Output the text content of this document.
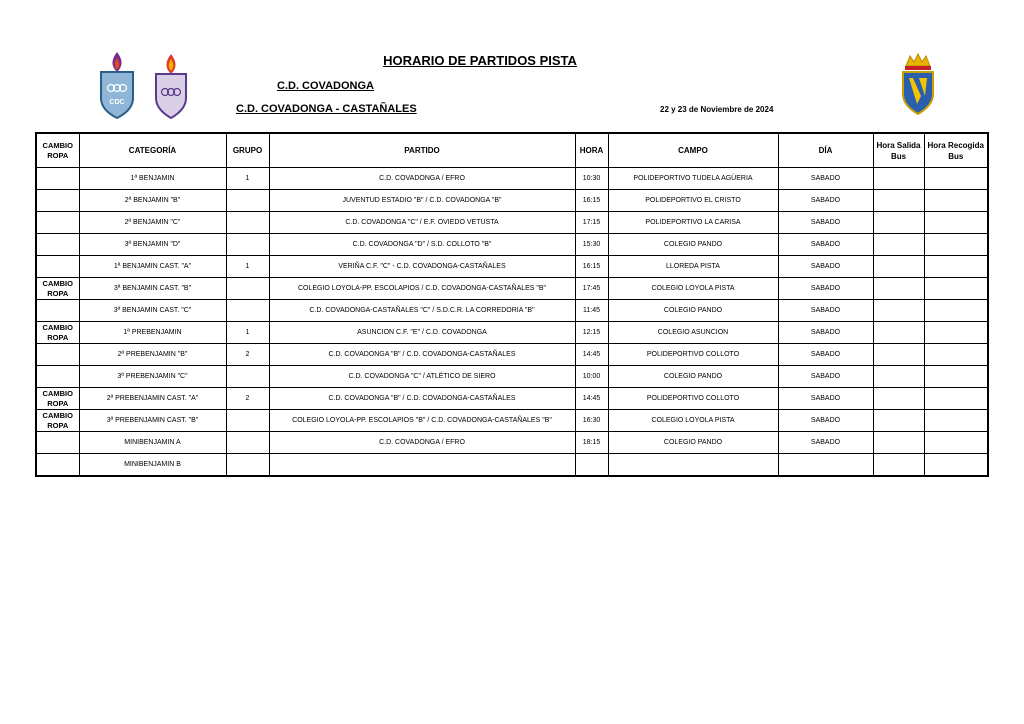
CDC
HORARIO DE PARTIDOS PISTA
C.D. COVADONGA
C.D. COVADONGA - CASTAÑALES	22 y 23 de Noviembre de 2024
CAMBIO ROPA	CATEGORÍA	GRUPO	PARTIDO	HORA	CAMPO	DÍA	Hora Salida Bus	Hora Recogida Bus
	1ª BENJAMIN	1	C.D. COVADONGA / EFRO	10:30	POLIDEPORTIVO TUDELA AGÜERIA	SABADO		
	2ª BENJAMIN "B"		JUVENTUD ESTADIO "B" / C.D. COVADONGA "B"	16:15	POLIDEPORTIVO EL CRISTO	SABADO		
	2ª BENJAMIN "C"		C.D. COVADONGA "C" / E.F. OVIEDO VETUSTA	17:15	POLIDEPORTIVO LA CARISA	SABADO		
	3ª BENJAMIN "D"		C.D. COVADONGA "D" / S.D. COLLOTO "B"	15:30	COLEGIO PANDO	SABADO		
	1ª BENJAMIN CAST. "A"	1	VERIÑA C.F. "C" - C.D. COVADONGA-CASTAÑALES	16:15	LLOREDA PISTA	SABADO		
CAMBIO ROPA	3ª BENJAMIN CAST. "B"		COLEGIO LOYOLA-PP. ESCOLAPIOS / C.D. COVADONGA-CASTAÑALES "B"	17:45	COLEGIO LOYOLA PISTA	SABADO		
	3ª BENJAMIN CAST. "C"		C.D. COVADONGA-CASTAÑALES "C" / S.D.C.R. LA CORREDORIA "B"	11:45	COLEGIO PANDO	SABADO		
CAMBIO ROPA	1ª PREBENJAMIN	1	ASUNCION C.F. "E" / C.D. COVADONGA	12:15	COLEGIO ASUNCION	SABADO		
	2ª PREBENJAMIN "B"	2	C.D. COVADONGA "B" / C.D. COVADONGA-CASTAÑALES	14:45	POLIDEPORTIVO COLLOTO	SABADO		
	3ª PREBENJAMIN "C"		C.D. COVADONGA "C" / ATLÉTICO DE SIERO	10:00	COLEGIO PANDO	SABADO		
CAMBIO ROPA	2ª PREBENJAMIN CAST. "A"	2	C.D. COVADONGA "B" / C.D. COVADONGA-CASTAÑALES	14:45	POLIDEPORTIVO COLLOTO	SABADO		
CAMBIO ROPA	3ª PREBENJAMIN CAST. "B"		COLEGIO LOYOLA-PP. ESCOLAPIOS "B" / C.D. COVADONGA-CASTAÑALES "B"	16:30	COLEGIO LOYOLA PISTA	SABADO		
	MINIBENJAMIN A		C.D. COVADONGA / EFRO	18:15	COLEGIO PANDO	SABADO		
	MINIBENJAMIN B							
